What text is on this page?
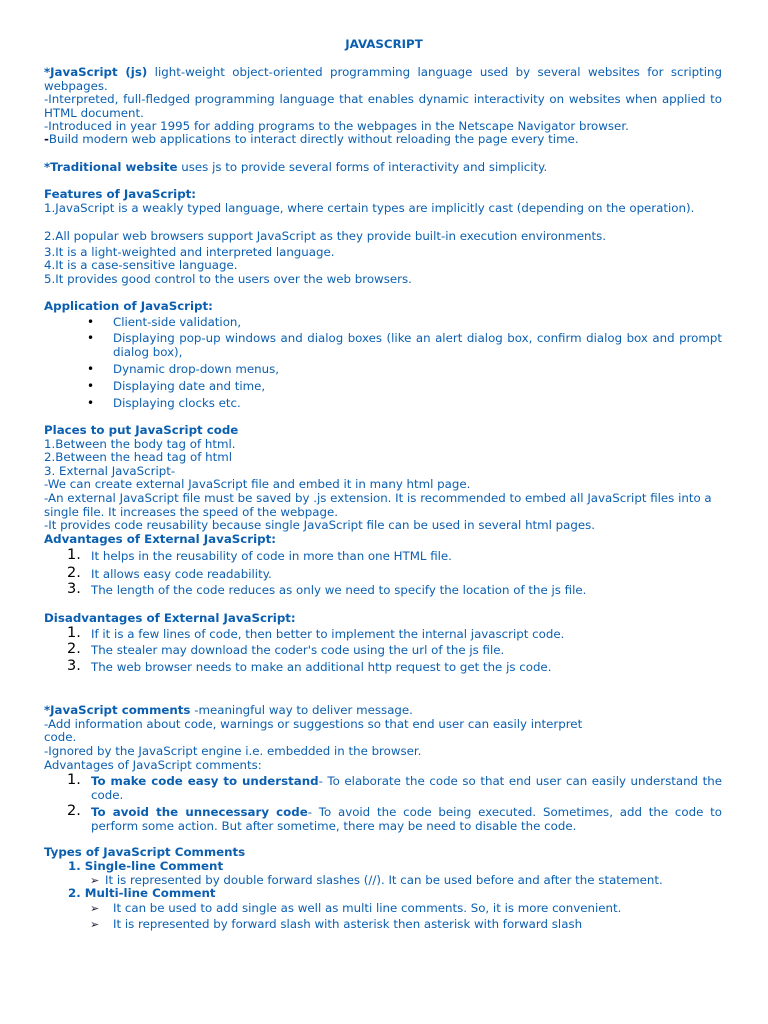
JAVASCRIPT
*JavaScript (js) light-weight object-oriented programming language used by several websites for scripting webpages.
-Interpreted, full-fledged programming language that enables dynamic interactivity on websites when applied to HTML document.
-Introduced in year 1995 for adding programs to the webpages in the Netscape Navigator browser.
-Build modern web applications to interact directly without reloading the page every time.
*Traditional website uses js to provide several forms of interactivity and simplicity.
Features of JavaScript:
1.JavaScript is a weakly typed language, where certain types are implicitly cast (depending on the operation).
2.All popular web browsers support JavaScript as they provide built-in execution environments.
3.It is a light-weighted and interpreted language.
4.It is a case-sensitive language.
5.It provides good control to the users over the web browsers.
Application of JavaScript:
•	Client-side validation,
•	Displaying pop-up windows and dialog boxes (like an alert dialog box, confirm dialog box and prompt dialog box),
•	Dynamic drop-down menus,
•	Displaying date and time,
•	Displaying clocks etc.
Places to put JavaScript code
1.Between the body tag of html.
2.Between the head tag of html
3. External JavaScript-
-We can create external JavaScript file and embed it in many html page.
-An external JavaScript file must be saved by .js extension. It is recommended to embed all JavaScript files into a single file. It increases the speed of the webpage.
-It provides code reusability because single JavaScript file can be used in several html pages.
Advantages of External JavaScript:
1. It helps in the reusability of code in more than one HTML file.
2. It allows easy code readability.
3. The length of the code reduces as only we need to specify the location of the js file.
Disadvantages of External JavaScript:
1. If it is a few lines of code, then better to implement the internal javascript code.
2. The stealer may download the coder's code using the url of the js file.
3. The web browser needs to make an additional http request to get the js code.
*JavaScript comments -meaningful way to deliver message.
-Add information about code, warnings or suggestions so that end user can easily interpret
code.
-Ignored by the JavaScript engine i.e. embedded in the browser.
Advantages of JavaScript comments:
1. To make code easy to understand- To elaborate the code so that end user can easily understand the code.
2. To avoid the unnecessary code- To avoid the code being executed. Sometimes, add the code to perform some action. But after sometime, there may be need to disable the code.
Types of JavaScript Comments
1. Single-line Comment
➢ It is represented by double forward slashes (//). It can be used before and after the statement.
2. Multi-line Comment
➢	It can be used to add single as well as multi line comments. So, it is more convenient.
➢	It is represented by forward slash with asterisk then asterisk with forward slash
